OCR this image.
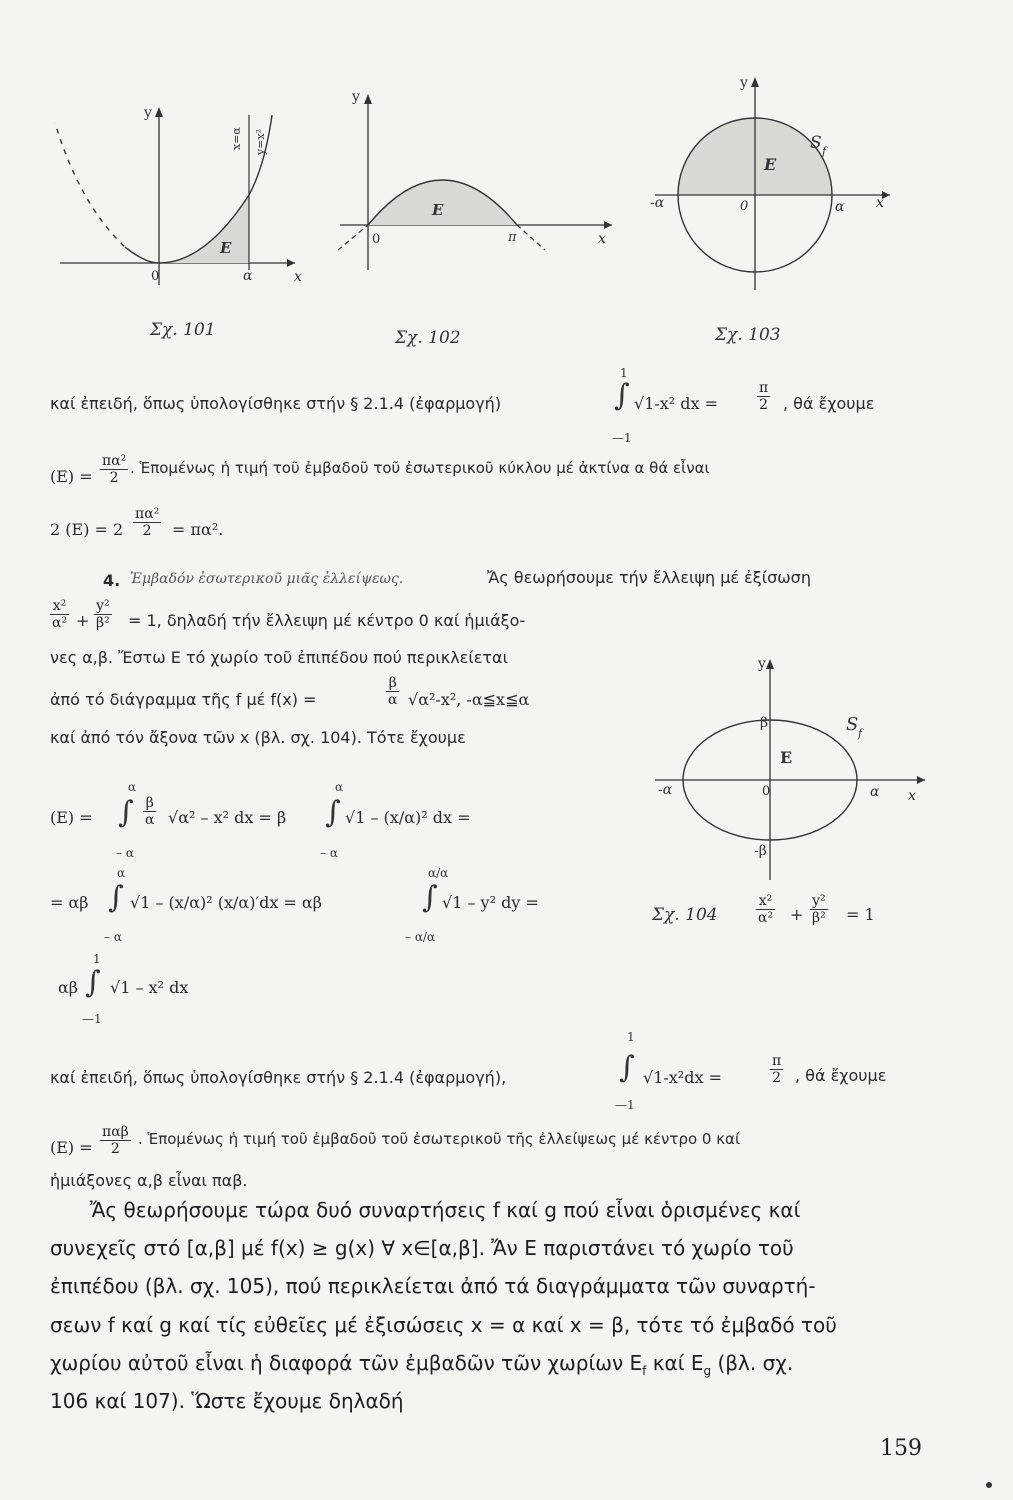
y
x
0	α
E
x=α y=x²
Σχ. 101
y
x
0	π
E
Σχ. 102
y
x
0	α
-α
E
S f
Σχ. 103
καί ἐπειδή, ὅπως ὑπολογίσθηκε στήν § 2.1.4 (ἐφαρμογή)
1
∫
—1
√1-x² dx =	$\frac{\pi}{2}$ , θά ἔχουμε
$(E) = \frac{\text{πα²}}{2}$ . Ἑπομένως ἡ τιμή τοῦ ἐμβαδοῦ τοῦ ἐσωτερικοῦ κύκλου μέ ἀκτίνα α θά εἶναι
2 $(E) = 2 \frac{\text{πα²}}{2} = \pi\alpha^2$.
4. Ἐμβαδόν ἐσωτερικοῦ μιᾶς ἐλλείψεως.	Ἄς θεωρήσουμε τήν ἔλλειψη μέ ἐξίσωση
$\frac{\text{x²}}{\text{α²}} + \frac{\text{y²}}{\text{β²}} = 1$, δηλαδή τήν ἔλλειψη μέ κέντρο 0 καί ἡμιάξο-
νες α,β. Ἔστω E τό χωρίο τοῦ ἐπιπέδου πού περικλείεται
ἀπό τό διάγραμμα τῆς f μέ f(x) =	$\frac{\beta}{\alpha} √\alpha^2-x^2$, -α≦x≦α
καί ἀπό τόν ἄξονα τῶν x (βλ. σχ. 104). Τότε ἔχουμε
(E) =
α
∫
– α
$\frac{\beta}{\alpha} √\alpha^2 - x^2$ dx = β
α
∫
– α
√1 – (x/α)² dx =
= αβ
α
∫
– α
√1 – (x/α)² (x/α)′dx = αβ
α/α
∫
– α/α
√1 – y² dy =
αβ
1
∫
—1
√1 – x² dx
y
x
0	α
-α
β
-β
E
S f
Σχ. 104	$\frac{\text{x²}}{\text{α²}} + \frac{\text{y²}}{\text{β²}} = 1$
καί ἐπειδή, ὅπως ὑπολογίσθηκε στήν § 2.1.4 (ἐφαρμογή),
1
∫
—1
√1-x²dx =	$\frac{\pi}{2}$ , θά ἔχουμε
(E) =
παβ
2
. Ἑπομένως ἡ τιμή τοῦ ἐμβαδοῦ τοῦ ἐσωτερικοῦ τῆς ἐλλείψεως μέ κέντρο 0 καί
ἡμιάξονες α,β εἶναι παβ.
Ἄς θεωρήσουμε τώρα δυό συναρτήσεις f καί g πού εἶναι ὁρισμένες καί
συνεχεῖς στό [α,β] μέ f(x) ≥ g(x) ∀ x∈[α,β]. Ἄν E παριστάνει τό χωρίο τοῦ
ἐπιπέδου (βλ. σχ. 105), πού περικλείεται ἀπό τά διαγράμματα τῶν συναρτή-
σεων f καί g καί τίς εὐθεῖες μέ ἐξισώσεις x = α καί x = β, τότε τό ἐμβαδό τοῦ
χωρίου αὐτοῦ εἶναι ἡ διαφορά τῶν ἐμβαδῶν τῶν χωρίων $E_f$ καί $E_g$ (βλ. σχ.
106 καί 107). Ὥστε ἔχουμε δηλαδή
159
